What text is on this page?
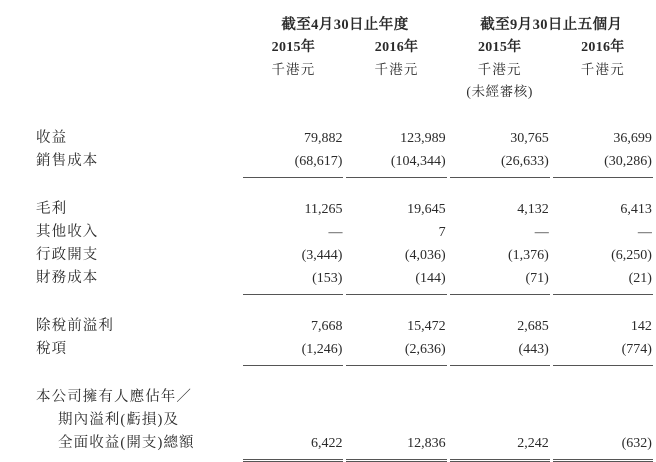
	截至4月30日止年度			截至9月30日止五個月				
	2015年		2016年		2015年		2016年	
	千港元		千港元		千港元		千港元	
					(未經審核)			

收益	79,882		123,989		30,765		36,699	
銷售成本	(68,617)		(104,344)		(26,633)		(30,286)	

毛利	11,265		19,645		4,132		6,413	
其他收入	—		7		—		—	
行政開支	(3,444)		(4,036)		(1,376)		(6,250)	
財務成本	(153)		(144)		(71)		(21)	

除稅前溢利	7,668		15,472		2,685		142	
稅項	(1,246)		(2,636)		(443)		(774)	

本公司擁有人應佔年／								
期內溢利(虧損)及								
全面收益(開支)總額	6,422		12,836		2,242		(632)	
